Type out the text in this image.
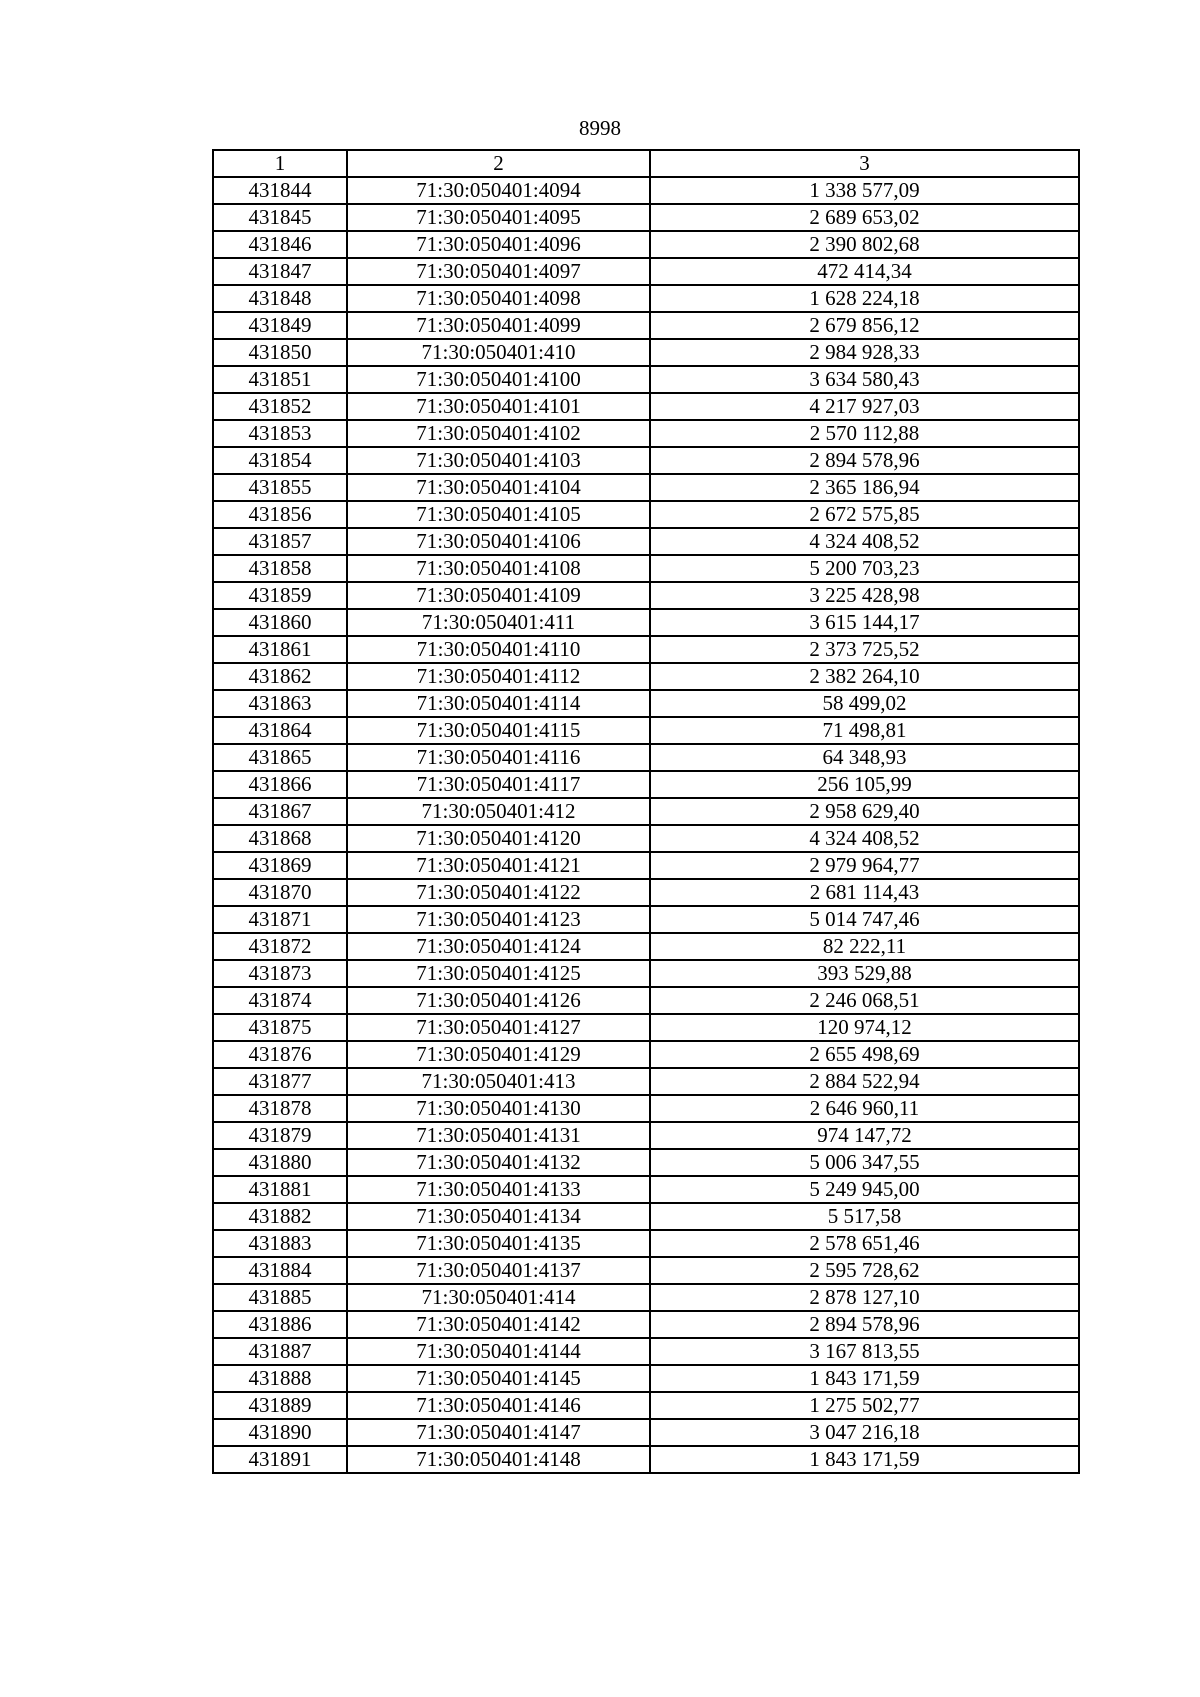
8998
1	2	3
431844	71:30:050401:4094	1 338 577,09
431845	71:30:050401:4095	2 689 653,02
431846	71:30:050401:4096	2 390 802,68
431847	71:30:050401:4097	472 414,34
431848	71:30:050401:4098	1 628 224,18
431849	71:30:050401:4099	2 679 856,12
431850	71:30:050401:410	2 984 928,33
431851	71:30:050401:4100	3 634 580,43
431852	71:30:050401:4101	4 217 927,03
431853	71:30:050401:4102	2 570 112,88
431854	71:30:050401:4103	2 894 578,96
431855	71:30:050401:4104	2 365 186,94
431856	71:30:050401:4105	2 672 575,85
431857	71:30:050401:4106	4 324 408,52
431858	71:30:050401:4108	5 200 703,23
431859	71:30:050401:4109	3 225 428,98
431860	71:30:050401:411	3 615 144,17
431861	71:30:050401:4110	2 373 725,52
431862	71:30:050401:4112	2 382 264,10
431863	71:30:050401:4114	58 499,02
431864	71:30:050401:4115	71 498,81
431865	71:30:050401:4116	64 348,93
431866	71:30:050401:4117	256 105,99
431867	71:30:050401:412	2 958 629,40
431868	71:30:050401:4120	4 324 408,52
431869	71:30:050401:4121	2 979 964,77
431870	71:30:050401:4122	2 681 114,43
431871	71:30:050401:4123	5 014 747,46
431872	71:30:050401:4124	82 222,11
431873	71:30:050401:4125	393 529,88
431874	71:30:050401:4126	2 246 068,51
431875	71:30:050401:4127	120 974,12
431876	71:30:050401:4129	2 655 498,69
431877	71:30:050401:413	2 884 522,94
431878	71:30:050401:4130	2 646 960,11
431879	71:30:050401:4131	974 147,72
431880	71:30:050401:4132	5 006 347,55
431881	71:30:050401:4133	5 249 945,00
431882	71:30:050401:4134	5 517,58
431883	71:30:050401:4135	2 578 651,46
431884	71:30:050401:4137	2 595 728,62
431885	71:30:050401:414	2 878 127,10
431886	71:30:050401:4142	2 894 578,96
431887	71:30:050401:4144	3 167 813,55
431888	71:30:050401:4145	1 843 171,59
431889	71:30:050401:4146	1 275 502,77
431890	71:30:050401:4147	3 047 216,18
431891	71:30:050401:4148	1 843 171,59
